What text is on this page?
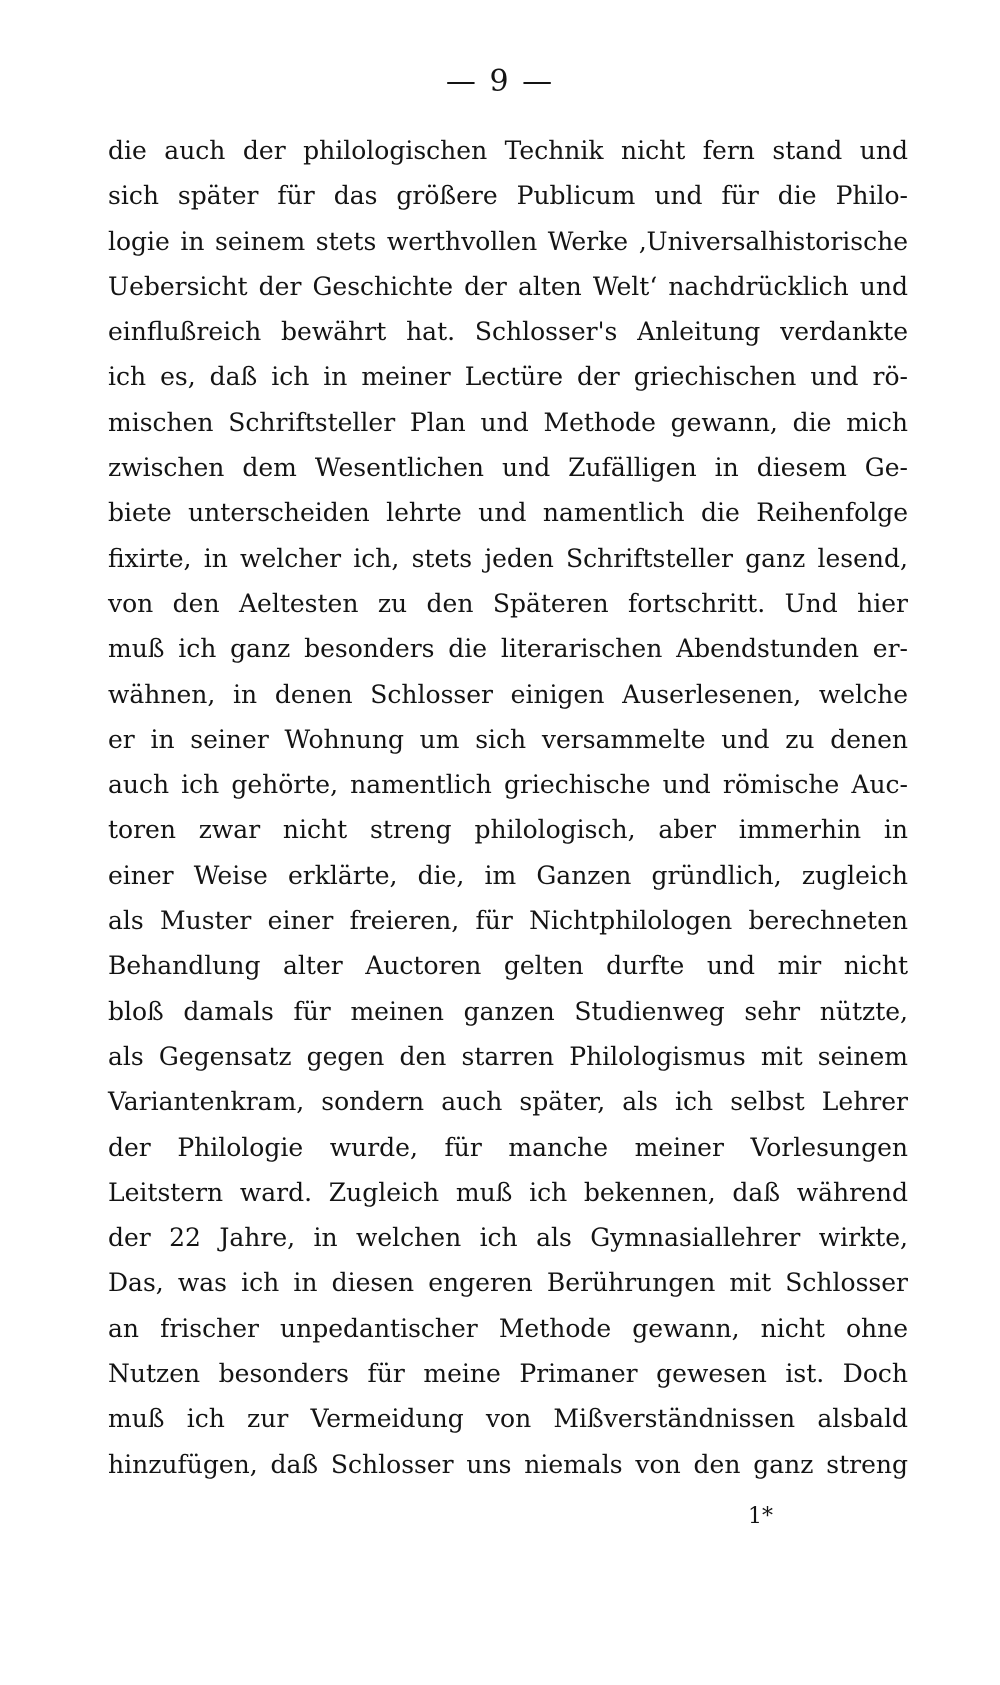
— 9 —
die auch der philologischen Technik nicht fern stand und
sich später für das größere Publicum und für die Philo-
logie in seinem stets werthvollen Werke ‚Universalhistorische
Uebersicht der Geschichte der alten Welt‘ nachdrücklich und
einflußreich bewährt hat. Schlosser's Anleitung verdankte
ich es, daß ich in meiner Lectüre der griechischen und rö-
mischen Schriftsteller Plan und Methode gewann, die mich
zwischen dem Wesentlichen und Zufälligen in diesem Ge-
biete unterscheiden lehrte und namentlich die Reihenfolge
fixirte, in welcher ich, stets jeden Schriftsteller ganz lesend,
von den Aeltesten zu den Späteren fortschritt. Und hier
muß ich ganz besonders die literarischen Abendstunden er-
wähnen, in denen Schlosser einigen Auserlesenen, welche
er in seiner Wohnung um sich versammelte und zu denen
auch ich gehörte, namentlich griechische und römische Auc-
toren zwar nicht streng philologisch, aber immerhin in
einer Weise erklärte, die, im Ganzen gründlich, zugleich
als Muster einer freieren, für Nichtphilologen berechneten
Behandlung alter Auctoren gelten durfte und mir nicht
bloß damals für meinen ganzen Studienweg sehr nützte,
als Gegensatz gegen den starren Philologismus mit seinem
Variantenkram, sondern auch später, als ich selbst Lehrer
der Philologie wurde, für manche meiner Vorlesungen
Leitstern ward. Zugleich muß ich bekennen, daß während
der 22 Jahre, in welchen ich als Gymnasiallehrer wirkte,
Das, was ich in diesen engeren Berührungen mit Schlosser
an frischer unpedantischer Methode gewann, nicht ohne
Nutzen besonders für meine Primaner gewesen ist. Doch
muß ich zur Vermeidung von Mißverständnissen alsbald
hinzufügen, daß Schlosser uns niemals von den ganz streng
1*
